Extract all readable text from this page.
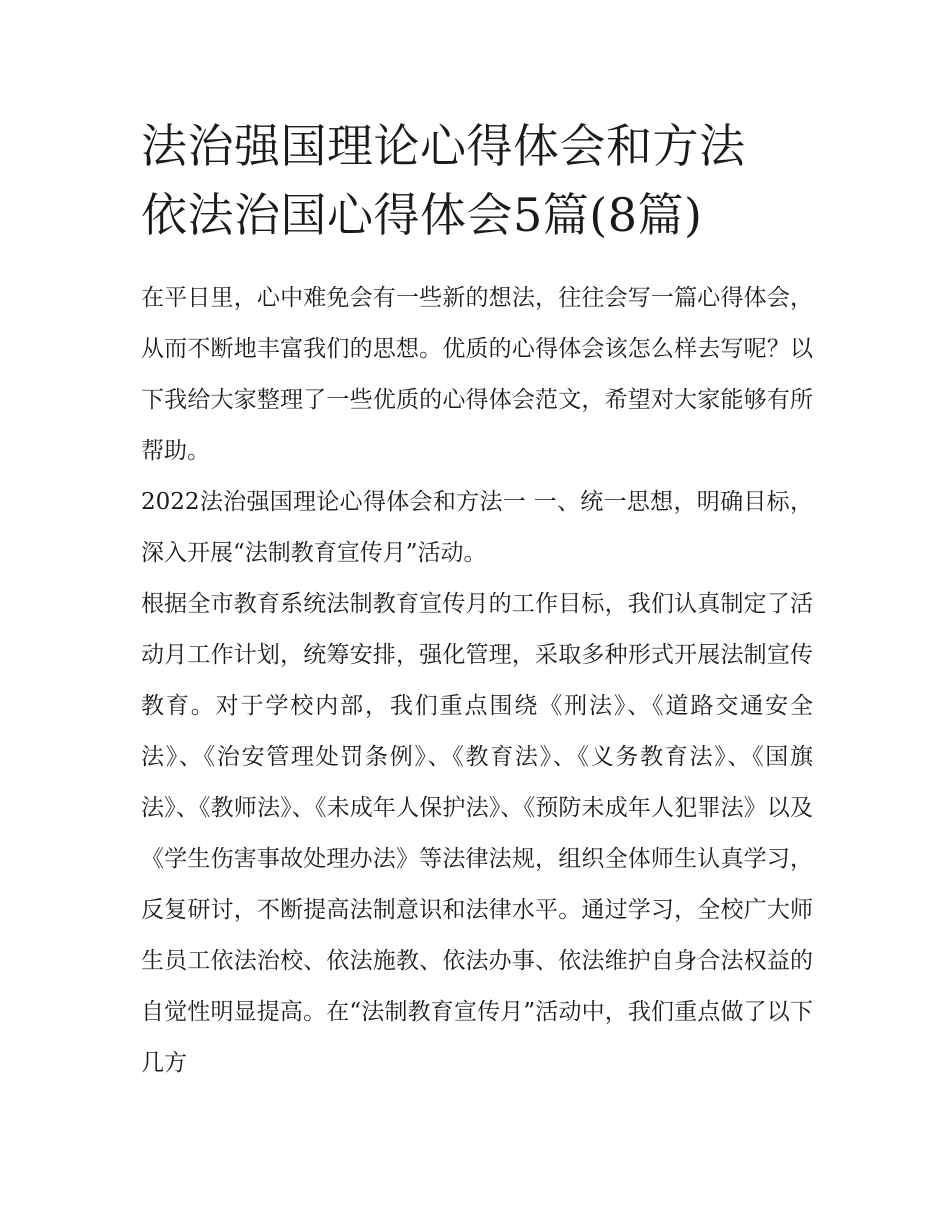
法治强国理论心得体会和方法
依法治国心得体会5篇(8篇)

在平日里，心中难免会有一些新的想法，往往会写一篇心得体会，从而不断地丰富我们的思想。优质的心得体会该怎么样去写呢？以下我给大家整理了一些优质的心得体会范文，希望对大家能够有所帮助。

2022法治强国理论心得体会和方法一 一、统一思想，明确目标，深入开展“法制教育宣传月”活动。

根据全市教育系统法制教育宣传月的工作目标，我们认真制定了活动月工作计划，统筹安排，强化管理，采取多种形式开展法制宣传教育。对于学校内部，我们重点围绕《刑法》、《道路交通安全法》、《治安管理处罚条例》、《教育法》、《义务教育法》、《国旗法》、《教师法》、《未成年人保护法》、《预防未成年人犯罪法》以及《学生伤害事故处理办法》等法律法规，组织全体师生认真学习，反复研讨，不断提高法制意识和法律水平。通过学习，全校广大师生员工依法治校、依法施教、依法办事、依法维护自身合法权益的自觉性明显提高。在“法制教育宣传月”活动中，我们重点做了以下几方
